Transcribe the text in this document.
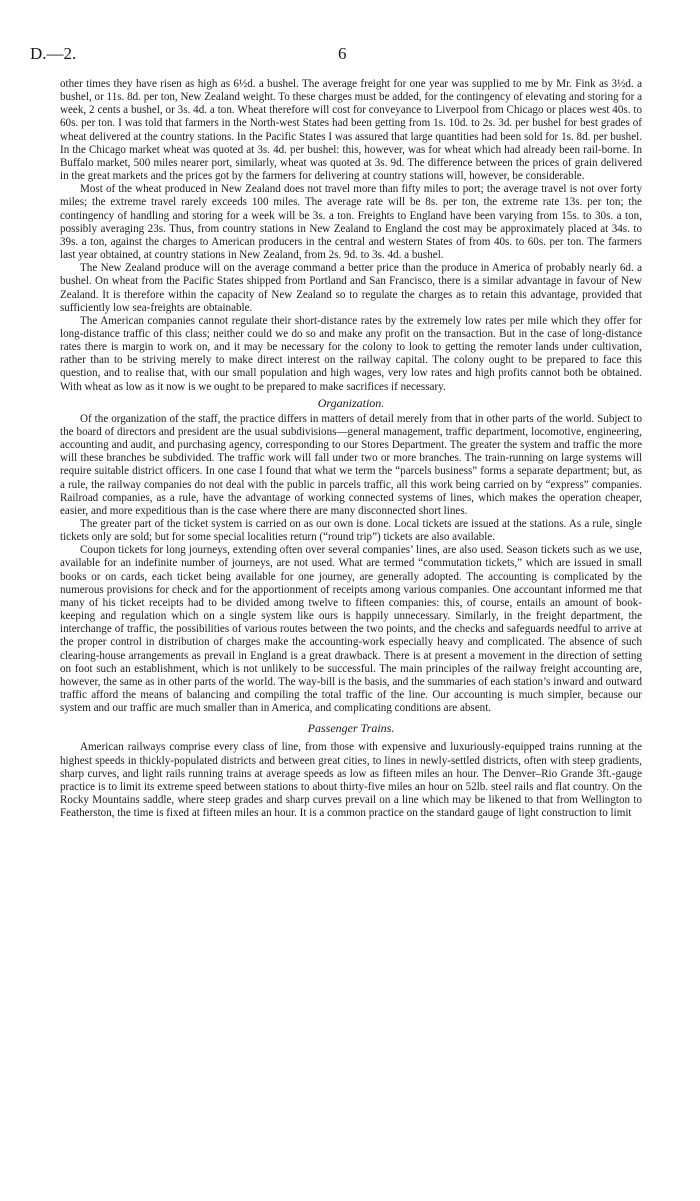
D.—2.	6

other times they have risen as high as 6½d. a bushel. The average freight for one year was supplied to me by Mr. Fink as 3½d. a bushel, or 11s. 8d. per ton, New Zealand weight. To these charges must be added, for the contingency of elevating and storing for a week, 2 cents a bushel, or 3s. 4d. a ton. Wheat therefore will cost for conveyance to Liverpool from Chicago or places west 40s. to 60s. per ton. I was told that farmers in the North-west States had been getting from 1s. 10d. to 2s. 3d. per bushel for best grades of wheat delivered at the country stations. In the Pacific States I was assured that large quantities had been sold for 1s. 8d. per bushel. In the Chicago market wheat was quoted at 3s. 4d. per bushel: this, however, was for wheat which had already been rail-borne. In Buffalo market, 500 miles nearer port, similarly, wheat was quoted at 3s. 9d. The difference between the prices of grain delivered in the great markets and the prices got by the farmers for delivering at country stations will, however, be considerable.

Most of the wheat produced in New Zealand does not travel more than fifty miles to port; the average travel is not over forty miles; the extreme travel rarely exceeds 100 miles. The average rate will be 8s. per ton, the extreme rate 13s. per ton; the contingency of handling and storing for a week will be 3s. a ton. Freights to England have been varying from 15s. to 30s. a ton, possibly averaging 23s. Thus, from country stations in New Zealand to England the cost may be approximately placed at 34s. to 39s. a ton, against the charges to American producers in the central and western States of from 40s. to 60s. per ton. The farmers last year obtained, at country stations in New Zealand, from 2s. 9d. to 3s. 4d. a bushel.

The New Zealand produce will on the average command a better price than the produce in America of probably nearly 6d. a bushel. On wheat from the Pacific States shipped from Portland and San Francisco, there is a similar advantage in favour of New Zealand. It is therefore within the capacity of New Zealand so to regulate the charges as to retain this advantage, provided that sufficiently low sea-freights are obtainable.

The American companies cannot regulate their short-distance rates by the extremely low rates per mile which they offer for long-distance traffic of this class; neither could we do so and make any profit on the transaction. But in the case of long-distance rates there is margin to work on, and it may be necessary for the colony to look to getting the remoter lands under cultivation, rather than to be striving merely to make direct interest on the railway capital. The colony ought to be prepared to face this question, and to realise that, with our small population and high wages, very low rates and high profits cannot both be obtained. With wheat as low as it now is we ought to be prepared to make sacrifices if necessary.

Organization.

Of the organization of the staff, the practice differs in matters of detail merely from that in other parts of the world. Subject to the board of directors and president are the usual subdivisions—general management, traffic department, locomotive, engineering, accounting and audit, and purchasing agency, corresponding to our Stores Department. The greater the system and traffic the more will these branches be subdivided. The traffic work will fall under two or more branches. The train-running on large systems will require suitable district officers. In one case I found that what we term the “parcels business” forms a separate department; but, as a rule, the railway companies do not deal with the public in parcels traffic, all this work being carried on by “express” companies. Railroad companies, as a rule, have the advantage of working connected systems of lines, which makes the operation cheaper, easier, and more expeditious than is the case where there are many disconnected short lines.

The greater part of the ticket system is carried on as our own is done. Local tickets are issued at the stations. As a rule, single tickets only are sold; but for some special localities return (“round trip”) tickets are also available.

Coupon tickets for long journeys, extending often over several companies’ lines, are also used. Season tickets such as we use, available for an indefinite number of journeys, are not used. What are termed “commutation tickets,” which are issued in small books or on cards, each ticket being available for one journey, are generally adopted. The accounting is complicated by the numerous provisions for check and for the apportionment of receipts among various companies. One accountant informed me that many of his ticket receipts had to be divided among twelve to fifteen companies: this, of course, entails an amount of book-keeping and regulation which on a single system like ours is happily unnecessary. Similarly, in the freight department, the interchange of traffic, the possibilities of various routes between the two points, and the checks and safeguards needful to arrive at the proper control in distribution of charges make the accounting-work especially heavy and complicated. The absence of such clearing-house arrangements as prevail in England is a great drawback. There is at present a movement in the direction of setting on foot such an establishment, which is not unlikely to be successful. The main principles of the railway freight accounting are, however, the same as in other parts of the world. The way-bill is the basis, and the summaries of each station’s inward and outward traffic afford the means of balancing and compiling the total traffic of the line. Our accounting is much simpler, because our system and our traffic are much smaller than in America, and complicating conditions are absent.

Passenger Trains.

American railways comprise every class of line, from those with expensive and luxuriously-equipped trains running at the highest speeds in thickly-populated districts and between great cities, to lines in newly-settled districts, often with steep gradients, sharp curves, and light rails running trains at average speeds as low as fifteen miles an hour. The Denver–Rio Grande 3ft.-gauge practice is to limit its extreme speed between stations to about thirty-five miles an hour on 52lb. steel rails and flat country. On the Rocky Mountains saddle, where steep grades and sharp curves prevail on a line which may be likened to that from Wellington to Featherston, the time is fixed at fifteen miles an hour. It is a common practice on the standard gauge of light construction to limit
